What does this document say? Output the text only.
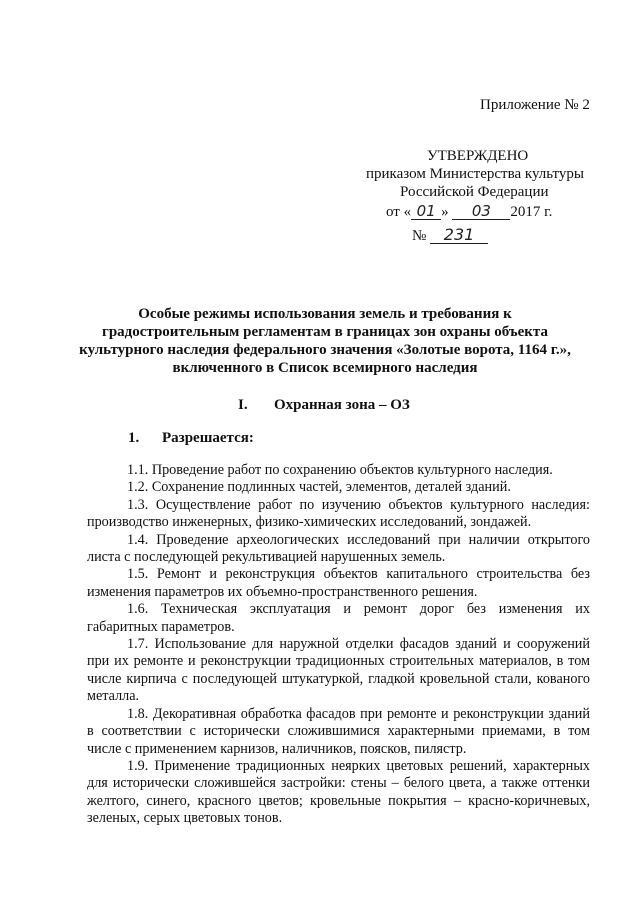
Приложение № 2
УТВЕРЖДЕНО
приказом Министерства культуры
Российской Федерации
от « 01 » 03 2017 г.
№ 231
Особые режимы использования земель и требования к
градостроительным регламентам в границах зон охраны объекта
культурного наследия федерального значения «Золотые ворота, 1164 г.»,
включенного в Список всемирного наследия
I. Охранная зона – ОЗ
1. Разрешается:

1.1. Проведение работ по сохранению объектов культурного наследия.

1.2. Сохранение подлинных частей, элементов, деталей зданий.

1.3. Осуществление работ по изучению объектов культурного наследия: производство инженерных, физико-химических исследований, зондажей.

1.4. Проведение археологических исследований при наличии открытого листа с последующей рекультивацией нарушенных земель.

1.5. Ремонт и реконструкция объектов капитального строительства без изменения параметров их объемно-пространственного решения.

1.6. Техническая эксплуатация и ремонт дорог без изменения их габаритных параметров.

1.7. Использование для наружной отделки фасадов зданий и сооружений при их ремонте и реконструкции традиционных строительных материалов, в том числе кирпича с последующей штукатуркой, гладкой кровельной стали, кованого металла.

1.8. Декоративная обработка фасадов при ремонте и реконструкции зданий в соответствии с исторически сложившимися характерными приемами, в том числе с применением карнизов, наличников, поясков, пилястр.

1.9. Применение традиционных неярких цветовых решений, характерных для исторически сложившейся застройки: стены – белого цвета, а также оттенки желтого, синего, красного цветов; кровельные покрытия – красно-коричневых, зеленых, серых цветовых тонов.
